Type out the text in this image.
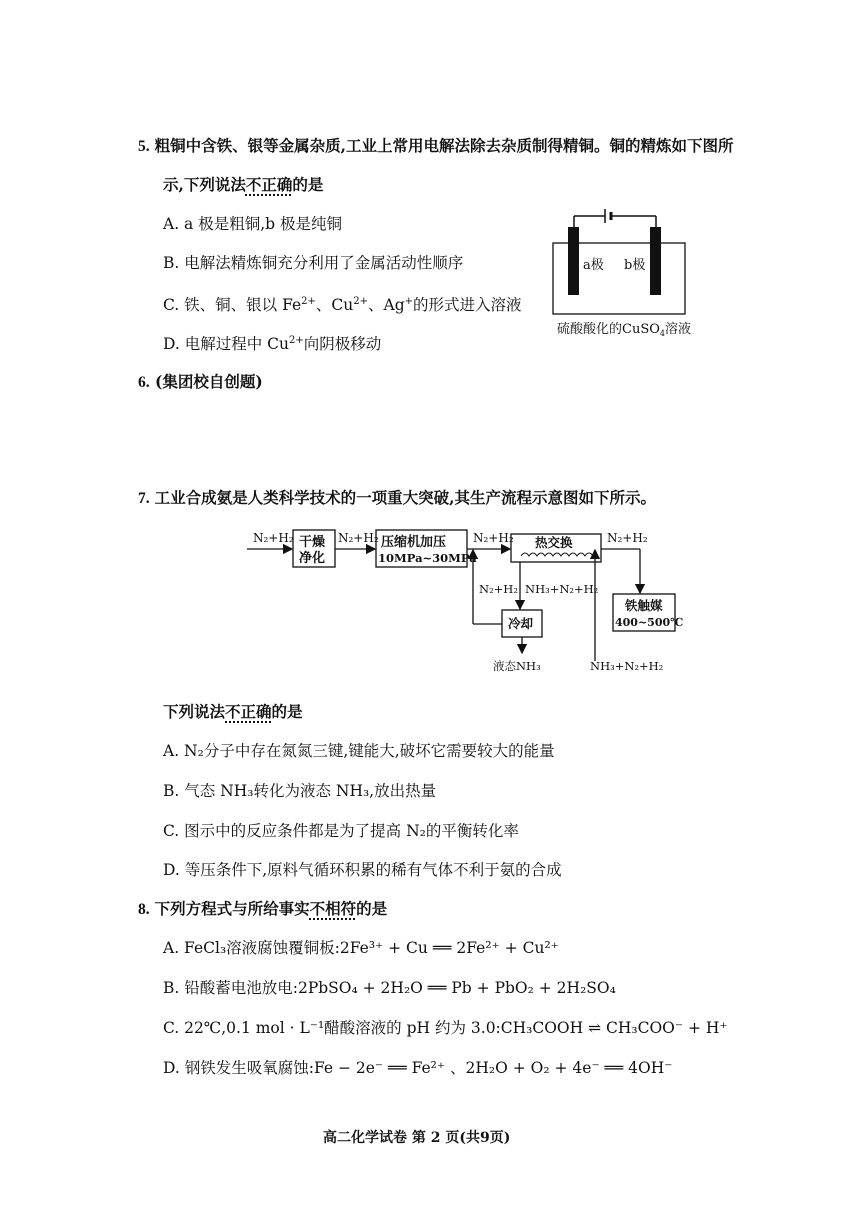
5. 粗铜中含铁、银等金属杂质,工业上常用电解法除去杂质制得精铜。铜的精炼如下图所
示,下列说法不正确的是
A. a 极是粗铜,b 极是纯铜
B. 电解法精炼铜充分利用了金属活动性顺序
C. 铁、铜、银以 $Fe^{2+}$、$Cu^{2+}$、Ag+的形式进入溶液
D. 电解过程中 $Cu^{2+}$向阴极移动
a极 b极
硫酸酸化的CuSO$_4$溶液
6. (集团校自创题)
7. 工业合成氨是人类科学技术的一项重大突破,其生产流程示意图如下所示。
N₂+H₂ 干燥
净化
N₂+H₂ 压缩机加压
10MPa~30MPa
N₂+H₂ 热交换	N₂+H₂
铁触媒
400~500℃
NH₃+N₂+H₂
NH₃+N₂+H₂
冷却
N₂+H₂
液态NH₃
下列说法不正确的是
A. N₂分子中存在氮氮三键,键能大,破坏它需要较大的能量
B. 气态 NH₃转化为液态 NH₃,放出热量
C. 图示中的反应条件都是为了提高 N₂的平衡转化率
D. 等压条件下,原料气循环积累的稀有气体不利于氨的合成
8. 下列方程式与所给事实不相符的是
A. FeCl₃溶液腐蚀覆铜板:2Fe³⁺ + Cu ══ 2Fe²⁺ + Cu²⁺
B. 铅酸蓄电池放电:2PbSO₄ + 2H₂O ══ Pb + PbO₂ + 2H₂SO₄
C. 22℃,0.1 mol · L⁻¹醋酸溶液的 pH 约为 3.0:CH₃COOH ⇌ CH₃COO⁻ + H⁺
D. 钢铁发生吸氧腐蚀:Fe − 2e⁻ ══ Fe²⁺ 、2H₂O + O₂ + 4e⁻ ══ 4OH⁻
高二化学试卷 第 2 页(共9页)
